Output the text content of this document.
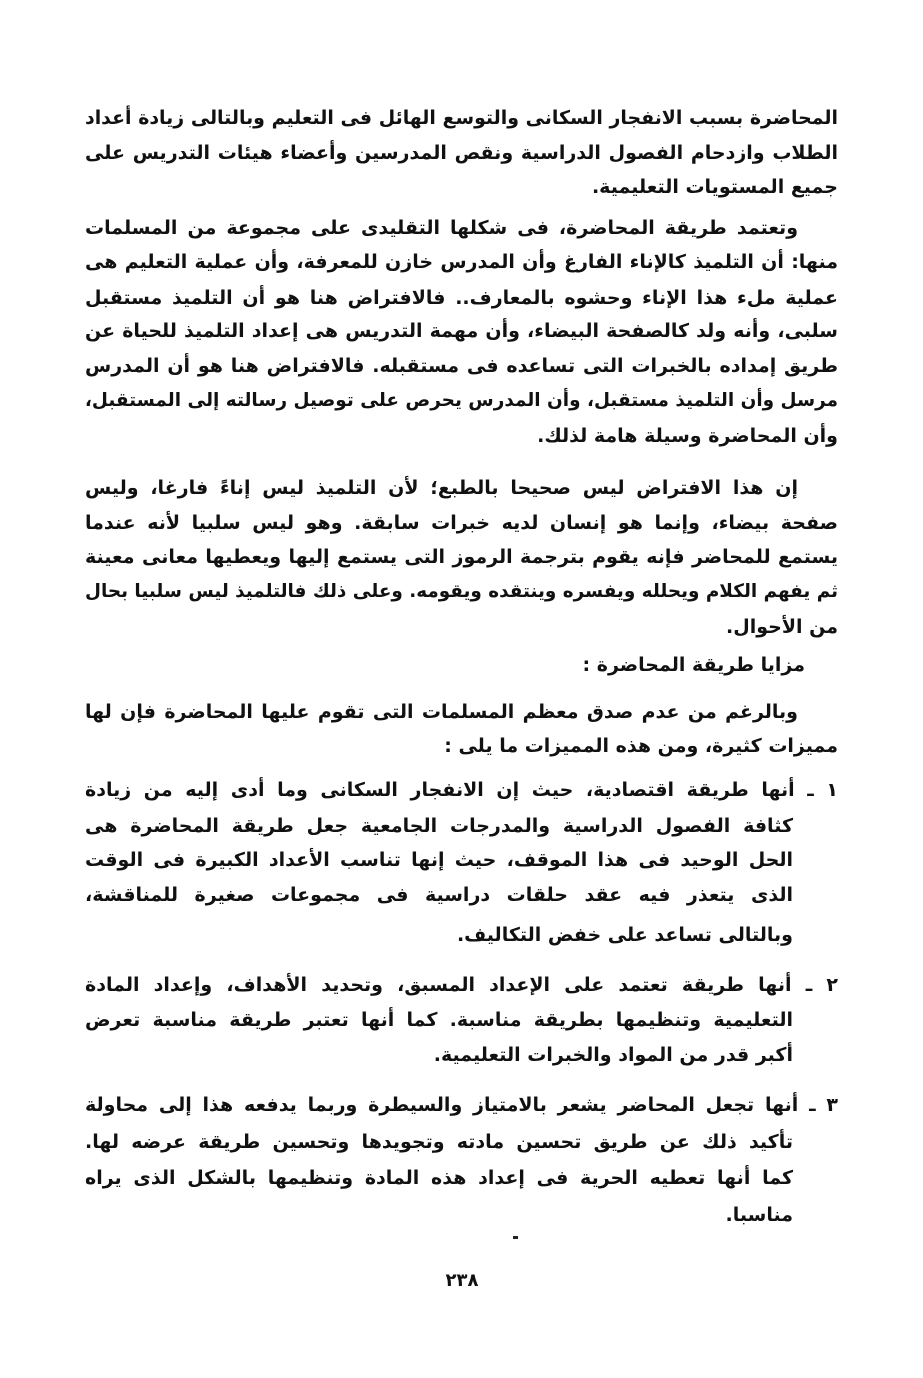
المحاضرة بسبب الانفجار السكانى والتوسع الهائل فى التعليم وبالتالى زيادة أعداد
الطلاب وازدحام الفصول الدراسية ونقص المدرسين وأعضاء هيئات التدريس على
جميع المستويات التعليمية.
وتعتمد طريقة المحاضرة، فى شكلها التقليدى على مجموعة من المسلمات
منها: أن التلميذ كالإناء الفارغ وأن المدرس خازن للمعرفة، وأن عملية التعليم هى
عملية ملء هذا الإناء وحشوه بالمعارف.. فالافتراض هنا هو أن التلميذ مستقبل
سلبى، وأنه ولد كالصفحة البيضاء، وأن مهمة التدريس هى إعداد التلميذ للحياة عن
طريق إمداده بالخبرات التى تساعده فى مستقبله. فالافتراض هنا هو أن المدرس
مرسل وأن التلميذ مستقبل، وأن المدرس يحرص على توصيل رسالته إلى المستقبل،
وأن المحاضرة وسيلة هامة لذلك.
إن هذا الافتراض ليس صحيحا بالطبع؛ لأن التلميذ ليس إناءً فارغا، وليس
صفحة بيضاء، وإنما هو إنسان لديه خبرات سابقة. وهو ليس سلبيا لأنه عندما
يستمع للمحاضر فإنه يقوم بترجمة الرموز التى يستمع إليها ويعطيها معانى معينة
ثم يفهم الكلام ويحلله ويفسره وينتقده ويقومه. وعلى ذلك فالتلميذ ليس سلبيا بحال
من الأحوال.
مزايا طريقة المحاضرة :
وبالرغم من عدم صدق معظم المسلمات التى تقوم عليها المحاضرة فإن لها
مميزات كثيرة، ومن هذه المميزات ما يلى :
١ ـ أنها طريقة اقتصادية، حيث إن الانفجار السكانى وما أدى إليه من زيادة
كثافة الفصول الدراسية والمدرجات الجامعية جعل طريقة المحاضرة هى
الحل الوحيد فى هذا الموقف، حيث إنها تناسب الأعداد الكبيرة فى الوقت
الذى يتعذر فيه عقد حلقات دراسية فى مجموعات صغيرة للمناقشة،
وبالتالى تساعد على خفض التكاليف.
٢ ـ أنها طريقة تعتمد على الإعداد المسبق، وتحديد الأهداف، وإعداد المادة
التعليمية وتنظيمها بطريقة مناسبة. كما أنها تعتبر طريقة مناسبة تعرض
أكبر قدر من المواد والخبرات التعليمية.
٣ ـ أنها تجعل المحاضر يشعر بالامتياز والسيطرة وربما يدفعه هذا إلى محاولة
تأكيد ذلك عن طريق تحسين مادته وتجويدها وتحسين طريقة عرضه لها.
كما أنها تعطيه الحرية فى إعداد هذه المادة وتنظيمها بالشكل الذى يراه
مناسبا.
٢٣٨
